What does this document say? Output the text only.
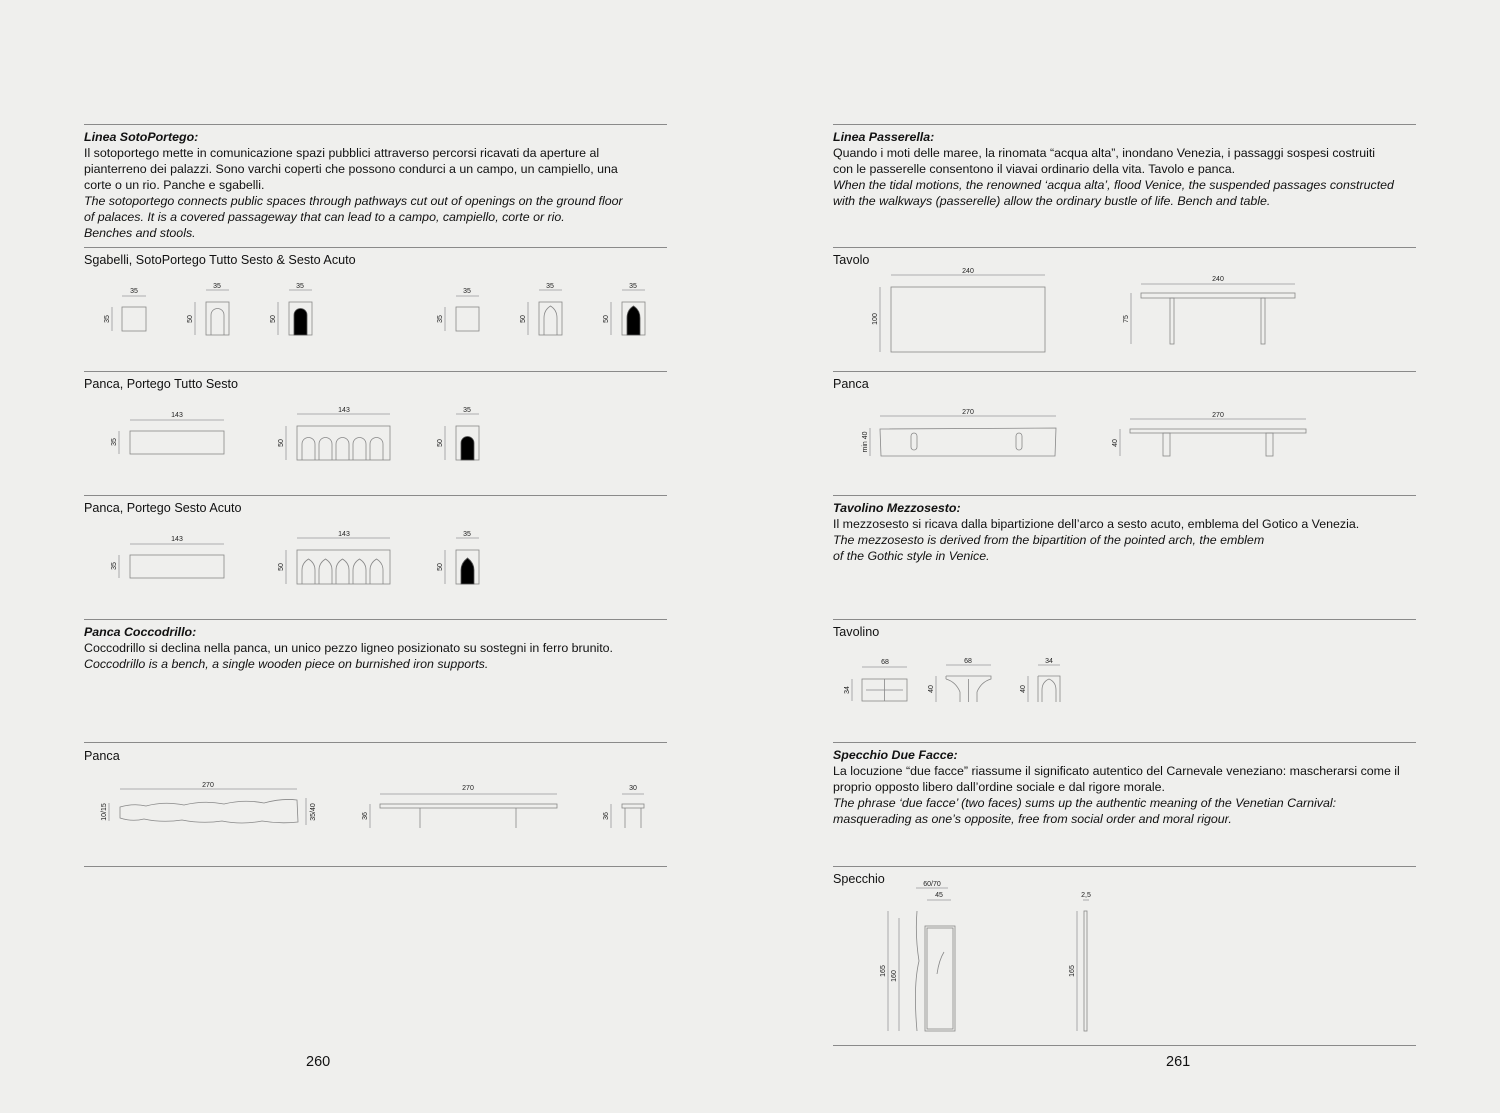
Linea SotoPortego:
Il sotoportego mette in comunicazione spazi pubblici attraverso percorsi ricavati da aperture al
pianterreno dei palazzi. Sono varchi coperti che possono condurci a un campo, un campiello, una
corte o un rio. Panche e sgabelli.
The sotoportego connects public spaces through pathways cut out of openings on the ground floor
of palaces. It is a covered passageway that can lead to a campo, campiello, corte or rio.
Benches and stools.
Sgabelli, SotoPortego Tutto Sesto & Sesto Acuto
35
35
35
50
35
50
35
35
35
50
35
50
Panca, Portego Tutto Sesto
143
35
143
50
35
50
Panca, Portego Sesto Acuto
143
35
143
50
35
50
Panca Coccodrillo:
Coccodrillo si declina nella panca, un unico pezzo ligneo posizionato su sostegni in ferro brunito.
Coccodrillo is a bench, a single wooden piece on burnished iron supports.
Panca
270
10/15	35/40
270
36
30
36
260
Linea Passerella:
Quando i moti delle maree, la rinomata “acqua alta”, inondano Venezia, i passaggi sospesi costruiti
con le passerelle consentono il viavai ordinario della vita. Tavolo e panca.
When the tidal motions, the renowned ‘acqua alta’, flood Venice, the suspended passages constructed
with the walkways (passerelle) allow the ordinary bustle of life. Bench and table.
Tavolo
240
100
240
75
Panca
270
min 40
270
40
Tavolino Mezzosesto:
Il mezzosesto si ricava dalla bipartizione dell’arco a sesto acuto, emblema del Gotico a Venezia.
The mezzosesto is derived from the bipartition of the pointed arch, the emblem
of the Gothic style in Venice.
Tavolino
68
34
68
40
34
40
Specchio Due Facce:
La locuzione “due facce” riassume il significato autentico del Carnevale veneziano: mascherarsi come il
proprio opposto libero dall’ordine sociale e dal rigore morale.
The phrase ‘due facce’ (two faces) sums up the authentic meaning of the Venetian Carnival:
masquerading as one’s opposite, free from social order and moral rigour.
Specchio	60/70
45
165 160
2,5
165
261
